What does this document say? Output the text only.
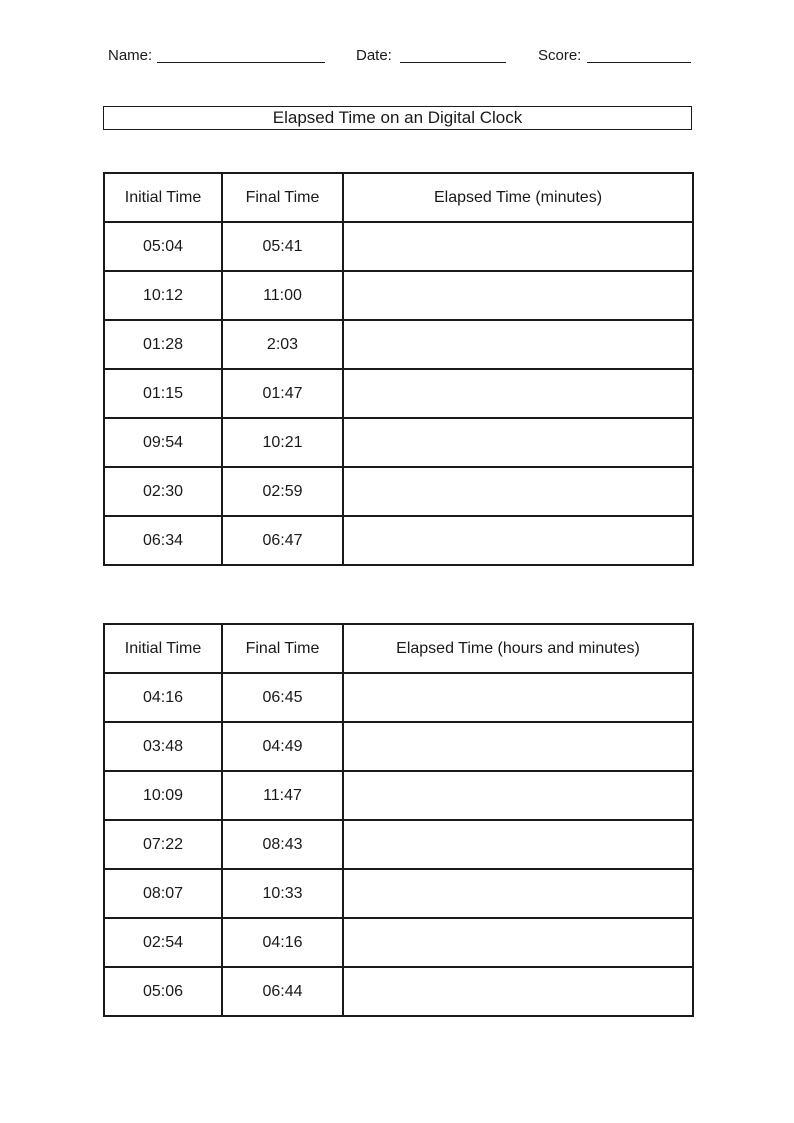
Name:	Date:	Score:
Elapsed Time on an Digital Clock
Initial Time	Final Time	Elapsed Time (minutes)
05:04	05:41	
10:12	11:00	
01:28	2:03	
01:15	01:47	
09:54	10:21	
02:30	02:59	
06:34	06:47	
Initial Time	Final Time	Elapsed Time (hours and minutes)
04:16	06:45	
03:48	04:49	
10:09	11:47	
07:22	08:43	
08:07	10:33	
02:54	04:16	
05:06	06:44	
